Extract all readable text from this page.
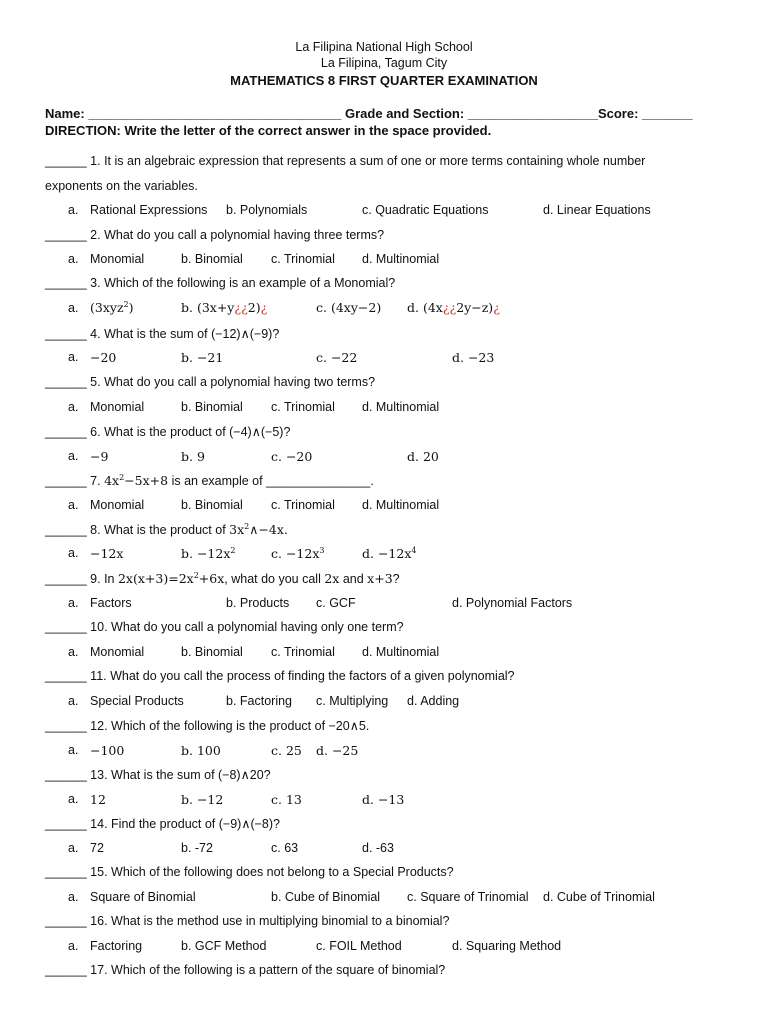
La Filipina National High School
La Filipina, Tagum City
MATHEMATICS 8 FIRST QUARTER EXAMINATION
Name: ___________________________________ Grade and Section: __________________Score: _______
DIRECTION: Write the letter of the correct answer in the space provided.
______ 1. It is an algebraic expression that represents a sum of one or more terms containing whole number
exponents on the variables.
a. Rational Expressions b. Polynomials	c. Quadratic Equations	d. Linear Equations
______ 2. What do you call a polynomial having three terms?
a. Monomial	b. Binomial c. Trinomial d. Multinomial
______ 3. Which of the following is an example of a Monomial?
a. (3xyz$^2$)	b. (3x+y¿¿2)¿	c. (4xy−2) d. (4x¿¿2y−z)¿
______ 4. What is the sum of (−12)∧(−9)?
a. −20	b. −21	c. −22	d. −23
______ 5. What do you call a polynomial having two terms?
a. Monomial	b. Binomial c. Trinomial d. Multinomial
______ 6. What is the product of (−4)∧(−5)?
a. −9	b. 9	c. −20	d. 20
______ 7. $4x^2-5x+8$ is an example of _______________.
a. Monomial	b. Binomial c. Trinomial d. Multinomial
______ 8. What is the product of $3x^2\wedge-4x$.
a. −12x	b. $-12x^2$	c. $-12x^3$	d. $-12x^4$
______ 9. In $2x(x+3)=2x^2+6x$, what do you call 2x and x+3?
a. Factors	b. Products c. GCF	d. Polynomial Factors
______ 10. What do you call a polynomial having only one term?
a. Monomial	b. Binomial c. Trinomial d. Multinomial
______ 11. What do you call the process of finding the factors of a given polynomial?
a. Special Products	b. Factoring c. Multiplying d. Adding
______ 12. Which of the following is the product of −20∧5.
a. −100	b. 100	c. 25 d. −25
______ 13. What is the sum of (−8)∧20?
a. 12	b. −12	c. 13	d. −13
______ 14. Find the product of (−9)∧(−8)?
a. 72	b. -72	c. 63	d. -63
______ 15. Which of the following does not belong to a Special Products?
a. Square of Binomial	b. Cube of Binomial c. Square of Trinomial d. Cube of Trinomial
______ 16. What is the method use in multiplying binomial to a binomial?
a. Factoring	b. GCF Method	c. FOIL Method	d. Squaring Method
______ 17. Which of the following is a pattern of the square of binomial?
